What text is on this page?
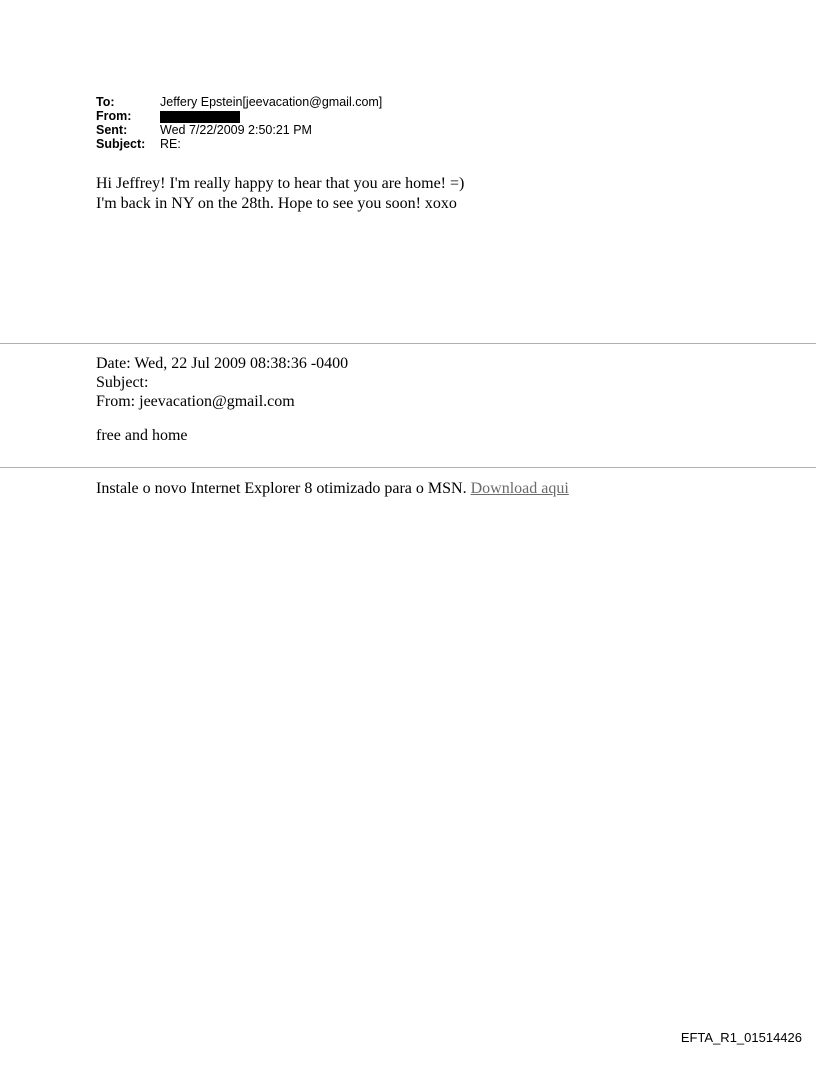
To:	Jeffery Epstein[jeevacation@gmail.com]
From:
Sent:	Wed 7/22/2009 2:50:21 PM
Subject:	RE:
Hi Jeffrey! I'm really happy to hear that you are home! =)
I'm back in NY on the 28th. Hope to see you soon! xoxo
Date: Wed, 22 Jul 2009 08:38:36 -0400
Subject:
From: jeevacation@gmail.com
free and home
Instale o novo Internet Explorer 8 otimizado para o MSN. Download aqui
EFTA_R1_01514426
